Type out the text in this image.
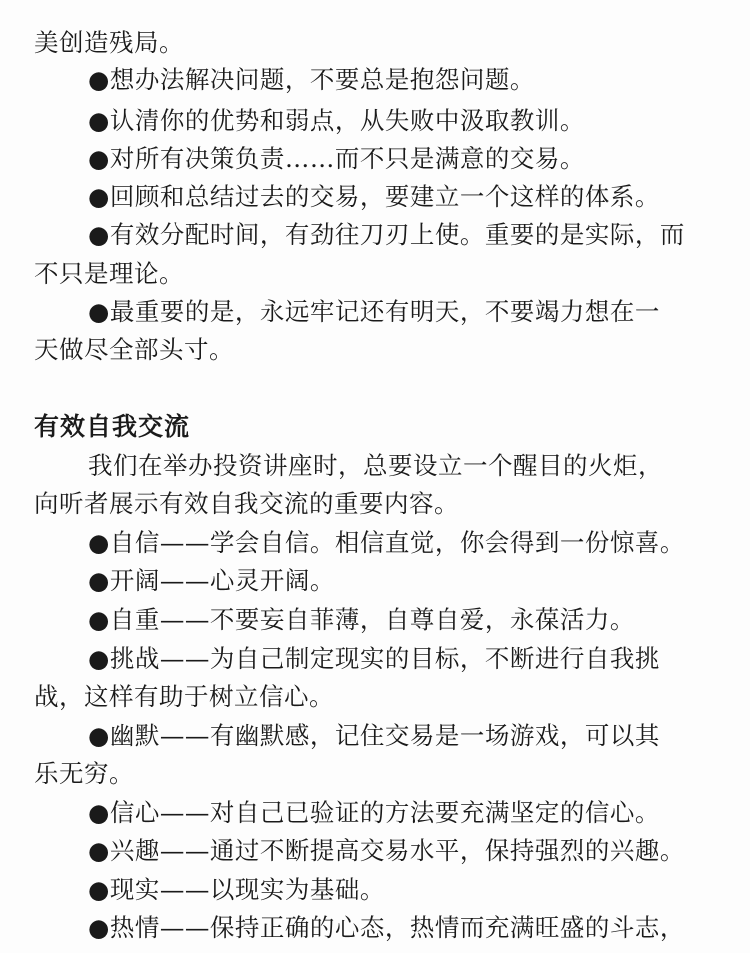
美创造残局。
●想办法解决问题，不要总是抱怨问题。
●认清你的优势和弱点，从失败中汲取教训。
●对所有决策负责……而不只是满意的交易。
●回顾和总结过去的交易，要建立一个这样的体系。
●有效分配时间，有劲往刀刃上使。重要的是实际，而
不只是理论。
●最重要的是，永远牢记还有明天，不要竭力想在一
天做尽全部头寸。
有效自我交流
我们在举办投资讲座时，总要设立一个醒目的火炬，
向听者展示有效自我交流的重要内容。
●自信——学会自信。相信直觉，你会得到一份惊喜。
●开阔——心灵开阔。
●自重——不要妄自菲薄，自尊自爱，永葆活力。
●挑战——为自己制定现实的目标，不断进行自我挑
战，这样有助于树立信心。
●幽默——有幽默感，记住交易是一场游戏，可以其
乐无穷。
●信心——对自己已验证的方法要充满坚定的信心。
●兴趣——通过不断提高交易水平，保持强烈的兴趣。
●现实——以现实为基础。
●热情——保持正确的心态，热情而充满旺盛的斗志，
